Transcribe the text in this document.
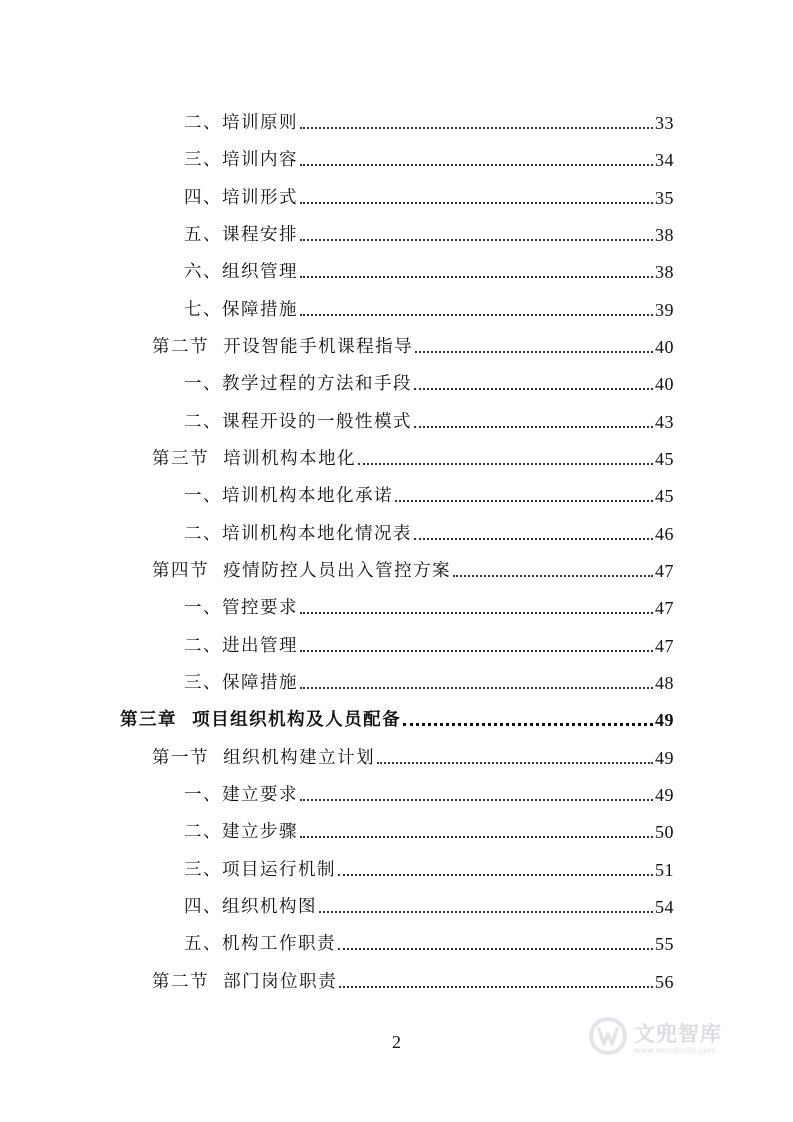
二、培训原则	33
三、培训内容	34
四、培训形式	35
五、课程安排	38
六、组织管理	38
七、保障措施	39
第二节  开设智能手机课程指导	40
一、教学过程的方法和手段	40
二、课程开设的一般性模式	43
第三节  培训机构本地化	45
一、培训机构本地化承诺	45
二、培训机构本地化情况表	46
第四节  疫情防控人员出入管控方案	47
一、管控要求	47
二、进出管理	47
三、保障措施	48
第三章  项目组织机构及人员配备	49
第一节  组织机构建立计划	49
一、建立要求	49
二、建立步骤	50
三、项目运行机制	51
四、组织机构图	54
五、机构工作职责	55
第二节  部门岗位职责	56
2	文兜智库
www.wendoulib.com
